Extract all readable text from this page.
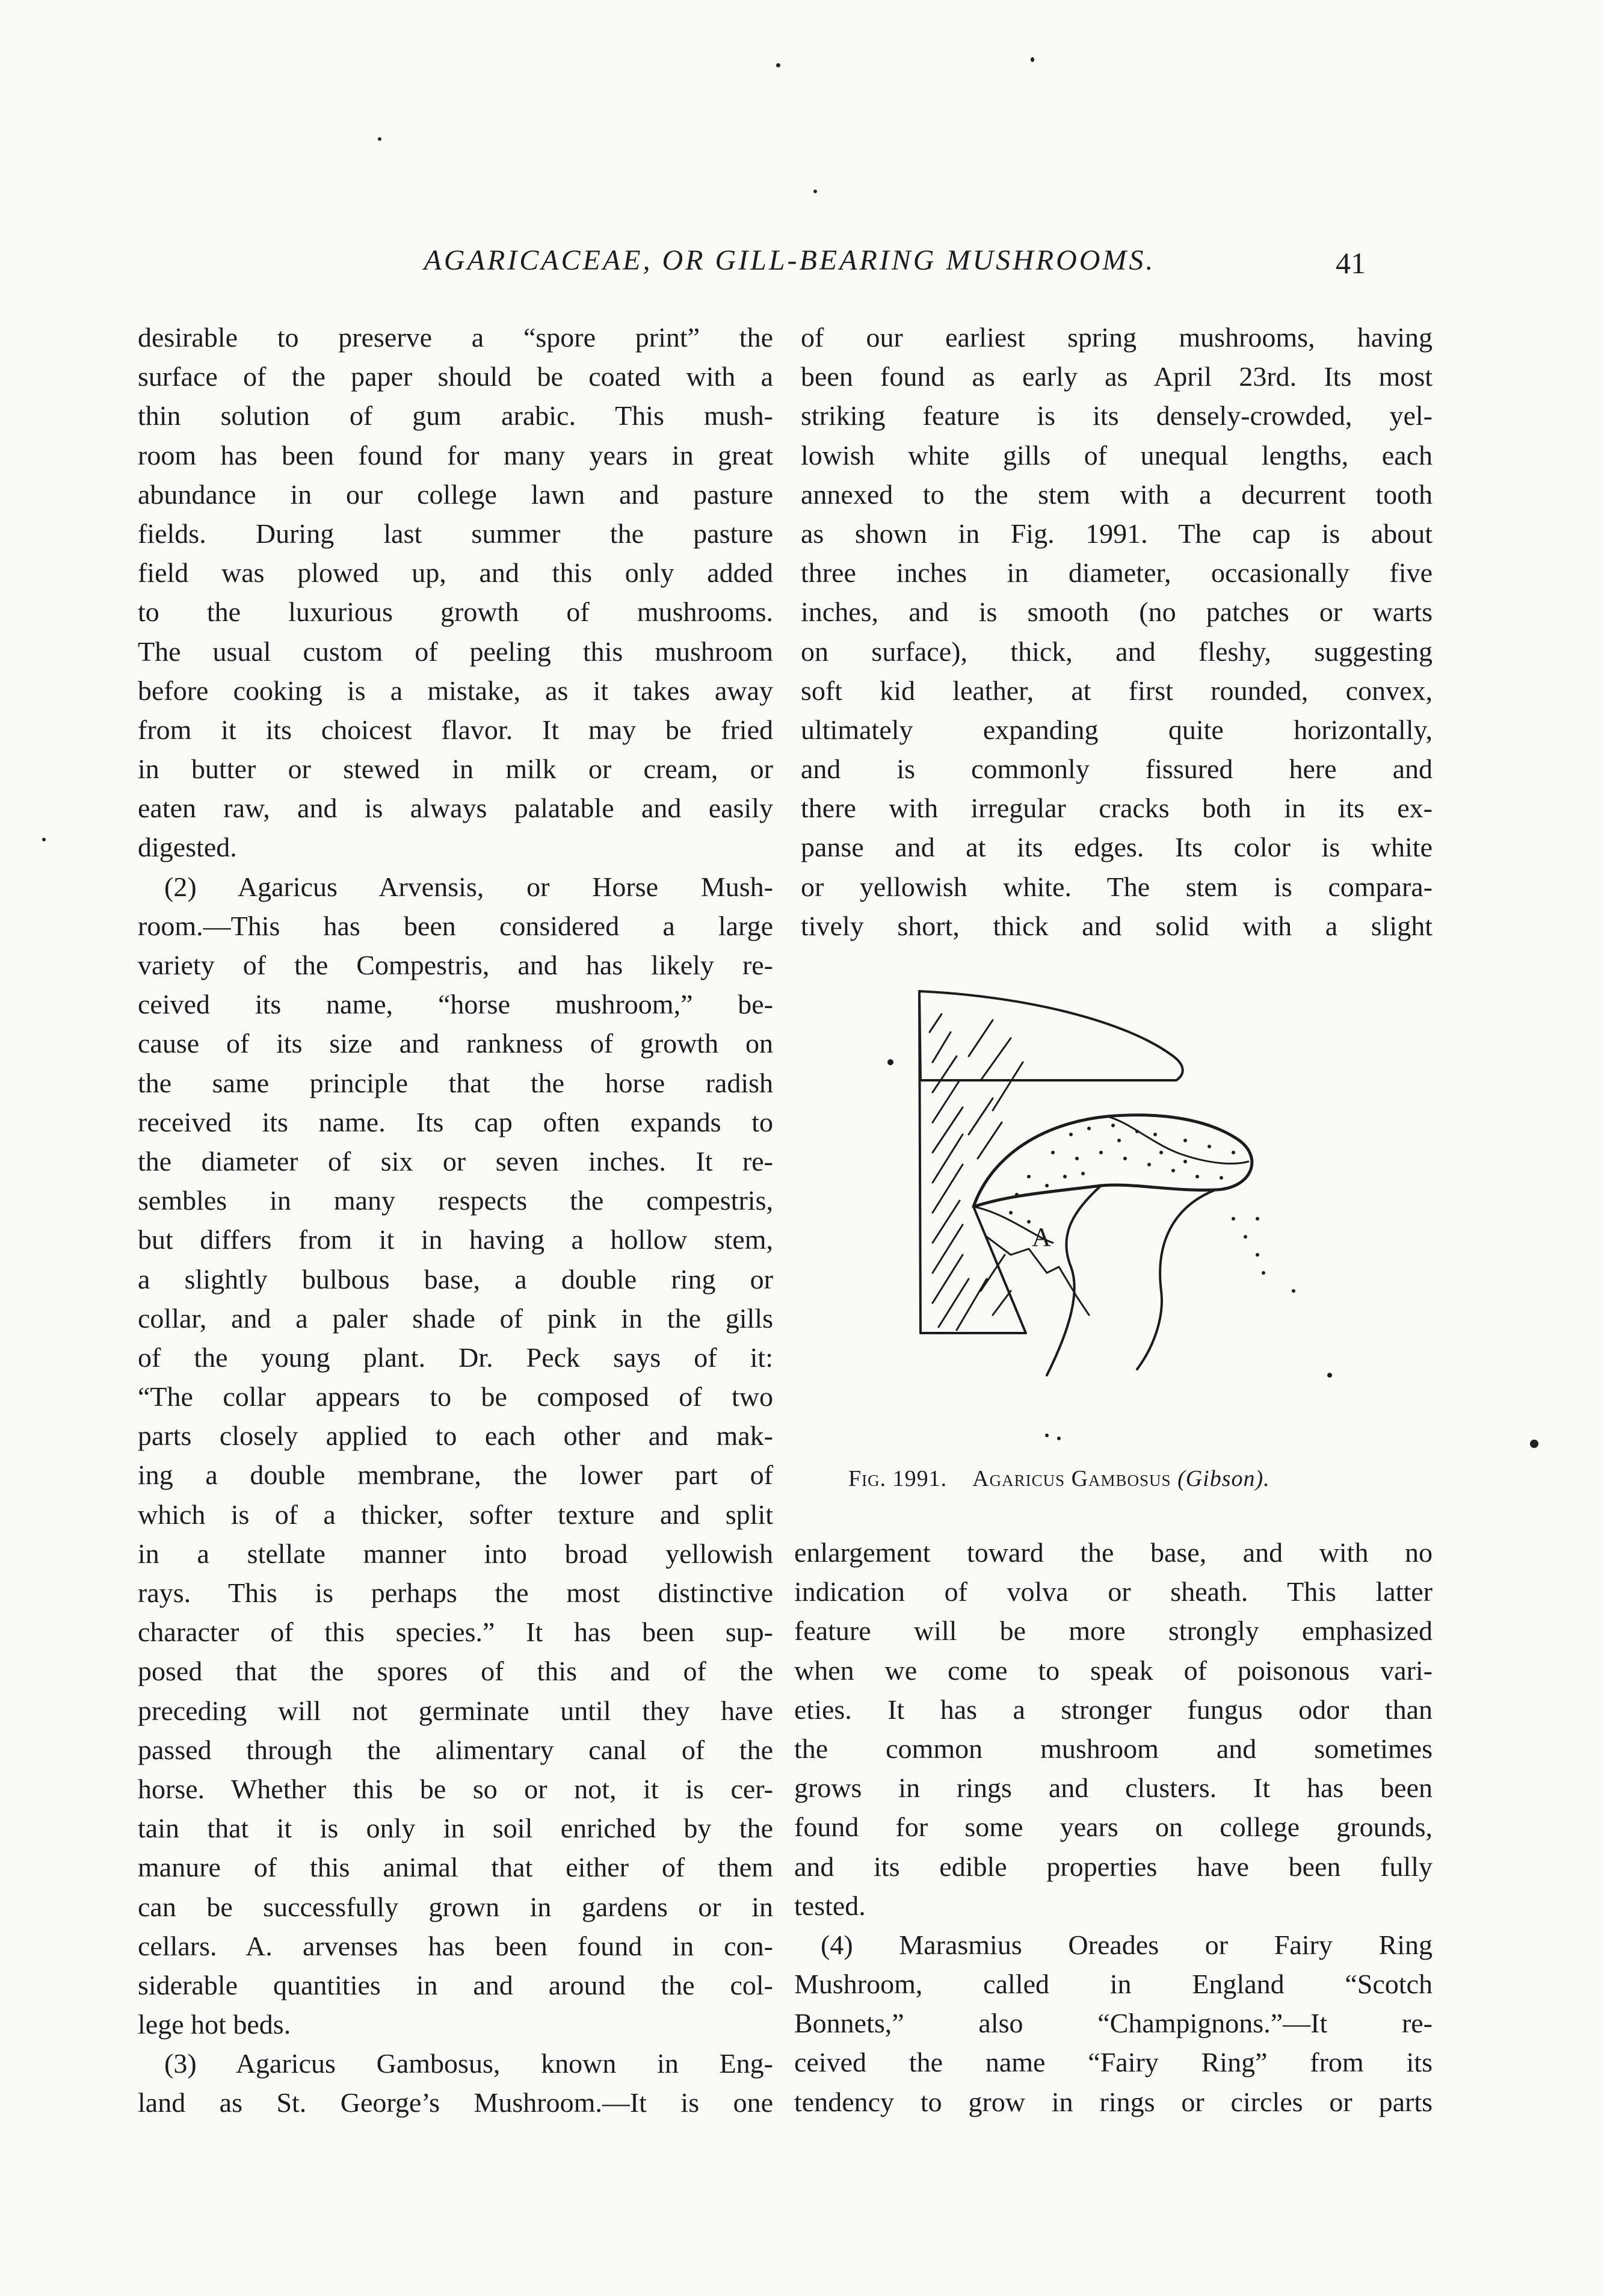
AGARICACEAE, OR GILL-BEARING MUSHROOMS.	41
desirable to preserve a “spore print” the
surface of the paper should be coated with a
thin solution of gum arabic. This mush-
room has been found for many years in great
abundance in our college lawn and pasture
fields. During last summer the pasture
field was plowed up, and this only added
to the luxurious growth of mushrooms.
The usual custom of peeling this mushroom
before cooking is a mistake, as it takes away
from it its choicest flavor. It may be fried
in butter or stewed in milk or cream, or
eaten raw, and is always palatable and easily
digested.
(2) Agaricus Arvensis, or Horse Mush-
room.—This has been considered a large
variety of the Compestris, and has likely re-
ceived its name, “horse mushroom,” be-
cause of its size and rankness of growth on
the same principle that the horse radish
received its name. Its cap often expands to
the diameter of six or seven inches. It re-
sembles in many respects the compestris,
but differs from it in having a hollow stem,
a slightly bulbous base, a double ring or
collar, and a paler shade of pink in the gills
of the young plant. Dr. Peck says of it:
“The collar appears to be composed of two
parts closely applied to each other and mak-
ing a double membrane, the lower part of
which is of a thicker, softer texture and split
in a stellate manner into broad yellowish
rays. This is perhaps the most distinctive
character of this species.” It has been sup-
posed that the spores of this and of the
preceding will not germinate until they have
passed through the alimentary canal of the
horse. Whether this be so or not, it is cer-
tain that it is only in soil enriched by the
manure of this animal that either of them
can be successfully grown in gardens or in
cellars. A. arvenses has been found in con-
siderable quantities in and around the col-
lege hot beds.
(3) Agaricus Gambosus, known in Eng-
land as St. George’s Mushroom.—It is one
of our earliest spring mushrooms, having
been found as early as April 23rd. Its most
striking feature is its densely-crowded, yel-
lowish white gills of unequal lengths, each
annexed to the stem with a decurrent tooth
as shown in Fig. 1991. The cap is about
three inches in diameter, occasionally five
inches, and is smooth (no patches or warts
on surface), thick, and fleshy, suggesting
soft kid leather, at first rounded, convex,
ultimately expanding quite horizontally,
and is commonly fissured here and
there with irregular cracks both in its ex-
panse and at its edges. Its color is white
or yellowish white. The stem is compara-
tively short, thick and solid with a slight
A
Fig. 1991. Agaricus Gambosus (Gibson).
enlargement toward the base, and with no
indication of volva or sheath. This latter
feature will be more strongly emphasized
when we come to speak of poisonous vari-
eties. It has a stronger fungus odor than
the common mushroom and sometimes
grows in rings and clusters. It has been
found for some years on college grounds,
and its edible properties have been fully
tested.
(4) Marasmius Oreades or Fairy Ring
Mushroom, called in England “Scotch
Bonnets,” also “Champignons.”—It re-
ceived the name “Fairy Ring” from its
tendency to grow in rings or circles or parts
